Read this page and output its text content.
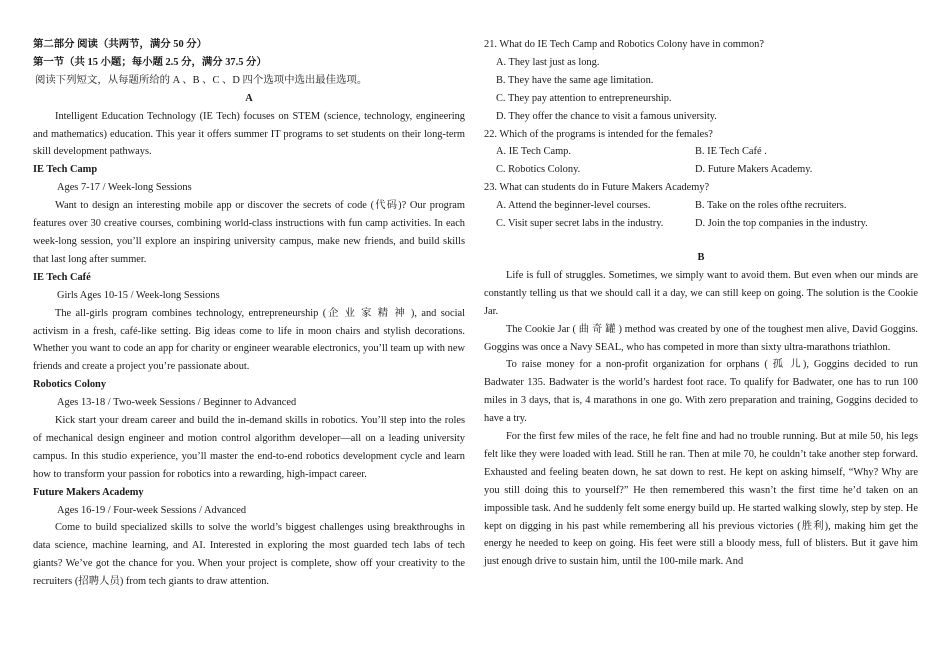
第二部分 阅读（共两节，满分 50 分）

第一节（共 15 小题；每小题 2.5 分，满分 37.5 分）

阅读下列短文，从每题所给的 A 、B 、C 、D 四个选项中选出最佳选项。

A

Intelligent Education Technology (IE Tech) focuses on STEM (science, technology, engineering and mathematics) education. This year it offers summer IT programs to set students on their long-term skill development pathways.

IE Tech Camp

Ages 7-17 / Week-long Sessions

Want to design an interesting mobile app or discover the secrets of code (代码)? Our program features over 30 creative courses, combining world-class instructions with fun camp activities. In each week-long session, you’ll explore an inspiring university campus, make new friends, and build skills that last long after summer.

IE Tech Café

Girls Ages 10-15 / Week-long Sessions

The all-girls program combines technology, entrepreneurship (企 业 家 精 神 ), and social activism in a fresh, café-like setting. Big ideas come to life in moon chairs and stylish decorations. Whether you want to code an app for charity or engineer wearable electronics, you’ll team up with new friends and create a project you’re passionate about.

Robotics Colony

Ages 13-18 / Two-week Sessions / Beginner to Advanced

Kick start your dream career and build the in-demand skills in robotics. You’ll step into the roles of mechanical design engineer and motion control algorithm developer—all on a leading university campus. In this studio experience, you’ll master the end-to-end robotics development cycle and learn how to transform your passion for robotics into a rewarding, high-impact career.

Future Makers Academy

Ages 16-19 / Four-week Sessions / Advanced

Come to build specialized skills to solve the world’s biggest challenges using breakthroughs in data science, machine learning, and AI. Interested in exploring the most guarded tech labs of tech giants? We’ve got the chance for you. When your project is complete, show off your creativity to the recruiters (招聘人员) from tech giants to draw attention.

21. What do IE Tech Camp and Robotics Colony have in common?

A. They last just as long.

B. They have the same age limitation.

C. They pay attention to entrepreneurship.

D. They offer the chance to visit a famous university.

22. Which of the programs is intended for the females?

A. IE Tech Camp.	B. IE Tech Café .
C. Robotics Colony.	D. Future Makers Academy.

23. What can students do in Future Makers Academy?

A. Attend the beginner-level courses.	B. Take on the roles ofthe recruiters.
C. Visit super secret labs in the industry.	D. Join the top companies in the industry.

B

Life is full of struggles. Sometimes, we simply want to avoid them. But even when our minds are constantly telling us that we should call it a day, we can still keep on going. The solution is the Cookie Jar.

The Cookie Jar ( 曲 奇 罐 ) method was created by one of the toughest men alive, David Goggins. Goggins was once a Navy SEAL, who has competed in more than sixty ultra-marathons triathlon.

To raise money for a non-profit organization for orphans ( 孤 儿), Goggins decided to run Badwater 135. Badwater is the world’s hardest foot race. To qualify for Badwater, one has to run 100 miles in 3 days, that is, 4 marathons in one go. With zero preparation and training, Goggins decided to have a try.

For the first few miles of the race, he felt fine and had no trouble running. But at mile 50, his legs felt like they were loaded with lead. Still he ran. Then at mile 70, he couldn’t take another step forward. Exhausted and feeling beaten down, he sat down to rest. He kept on asking himself, “Why? Why are you still doing this to yourself?” He then remembered this wasn’t the first time he’d taken on an impossible task. And he suddenly felt some energy build up. He started walking slowly, step by step. He kept on digging in his past while remembering all his previous victories (胜利), making him get the energy he needed to keep on going. His feet were still a bloody mess, full of blisters. But it gave him just enough drive to sustain him, until the 100-mile mark. And
